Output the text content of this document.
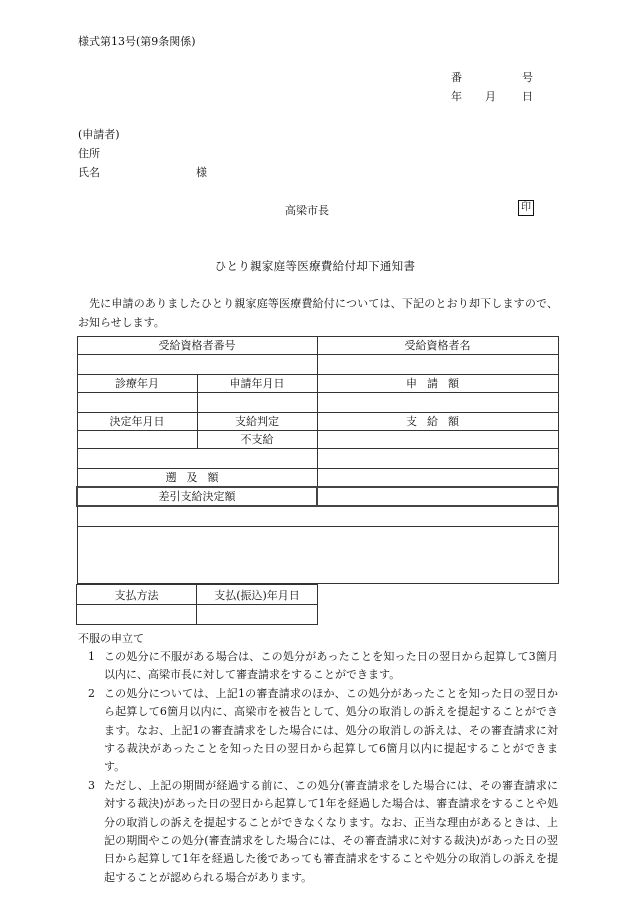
様式第13号(第9条関係)
番	号
年 月 日
(申請者)
住所
氏名	様
高梁市長	印
ひとり親家庭等医療費給付却下通知書
先に申請のありましたひとり親家庭等医療費給付については、下記のとおり却下しますので、お知らせします。
受給資格者番号		受給資格者名

診療年月	申請年月日	申請額

決定年月日	支給判定	支給額
	不支給	

遡及額		
差引支給決定額		

支払方法	支払(振込)年月日

不服の申立て
1 この処分に不服がある場合は、この処分があったことを知った日の翌日から起算して3箇月以内に、高梁市長に対して審査請求をすることができます。
2 この処分については、上記1の審査請求のほか、この処分があったことを知った日の翌日から起算して6箇月以内に、高梁市を被告として、処分の取消しの訴えを提起することができます。なお、上記1の審査請求をした場合には、処分の取消しの訴えは、その審査請求に対する裁決があったことを知った日の翌日から起算して6箇月以内に提起することができます。
3 ただし、上記の期間が経過する前に、この処分(審査請求をした場合には、その審査請求に対する裁決)があった日の翌日から起算して1年を経過した場合は、審査請求をすることや処分の取消しの訴えを提起することができなくなります。なお、正当な理由があるときは、上記の期間やこの処分(審査請求をした場合には、その審査請求に対する裁決)があった日の翌日から起算して1年を経過した後であっても審査請求をすることや処分の取消しの訴えを提起することが認められる場合があります。
